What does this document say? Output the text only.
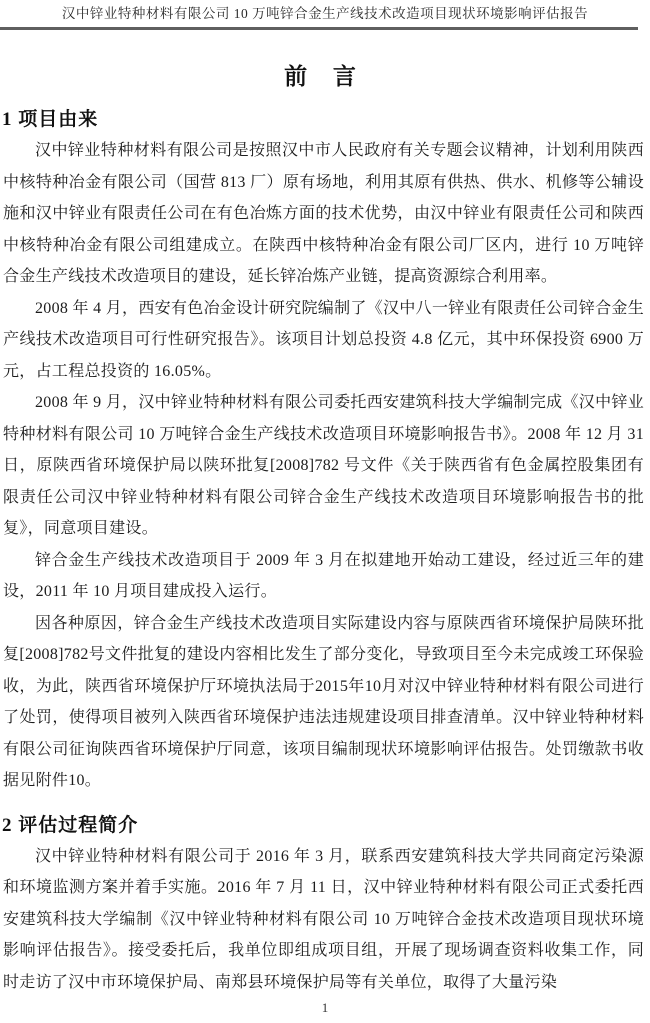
汉中锌业特种材料有限公司 10 万吨锌合金生产线技术改造项目现状环境影响评估报告
前 言
1 项目由来

汉中锌业特种材料有限公司是按照汉中市人民政府有关专题会议精神，计划利用陕西中核特种冶金有限公司（国营 813 厂）原有场地，利用其原有供热、供水、机修等公辅设施和汉中锌业有限责任公司在有色冶炼方面的技术优势，由汉中锌业有限责任公司和陕西中核特种冶金有限公司组建成立。在陕西中核特种冶金有限公司厂区内，进行 10 万吨锌合金生产线技术改造项目的建设，延长锌冶炼产业链，提高资源综合利用率。

2008 年 4 月，西安有色冶金设计研究院编制了《汉中八一锌业有限责任公司锌合金生产线技术改造项目可行性研究报告》。该项目计划总投资 4.8 亿元，其中环保投资 6900 万元，占工程总投资的 16.05%。

2008 年 9 月，汉中锌业特种材料有限公司委托西安建筑科技大学编制完成《汉中锌业特种材料有限公司 10 万吨锌合金生产线技术改造项目环境影响报告书》。2008 年 12 月 31 日，原陕西省环境保护局以陕环批复[2008]782 号文件《关于陕西省有色金属控股集团有限责任公司汉中锌业特种材料有限公司锌合金生产线技术改造项目环境影响报告书的批复》，同意项目建设。

锌合金生产线技术改造项目于 2009 年 3 月在拟建地开始动工建设，经过近三年的建设，2011 年 10 月项目建成投入运行。

因各种原因，锌合金生产线技术改造项目实际建设内容与原陕西省环境保护局陕环批复[2008]782号文件批复的建设内容相比发生了部分变化，导致项目至今未完成竣工环保验收，为此，陕西省环境保护厅环境执法局于2015年10月对汉中锌业特种材料有限公司进行了处罚，使得项目被列入陕西省环境保护违法违规建设项目排查清单。汉中锌业特种材料有限公司征询陕西省环境保护厅同意，该项目编制现状环境影响评估报告。处罚缴款书收据见附件10。

2 评估过程简介

汉中锌业特种材料有限公司于 2016 年 3 月，联系西安建筑科技大学共同商定污染源和环境监测方案并着手实施。2016 年 7 月 11 日，汉中锌业特种材料有限公司正式委托西安建筑科技大学编制《汉中锌业特种材料有限公司 10 万吨锌合金技术改造项目现状环境影响评估报告》。接受委托后，我单位即组成项目组，开展了现场调查资料收集工作，同时走访了汉中市环境保护局、南郑县环境保护局等有关单位，取得了大量污染

1
